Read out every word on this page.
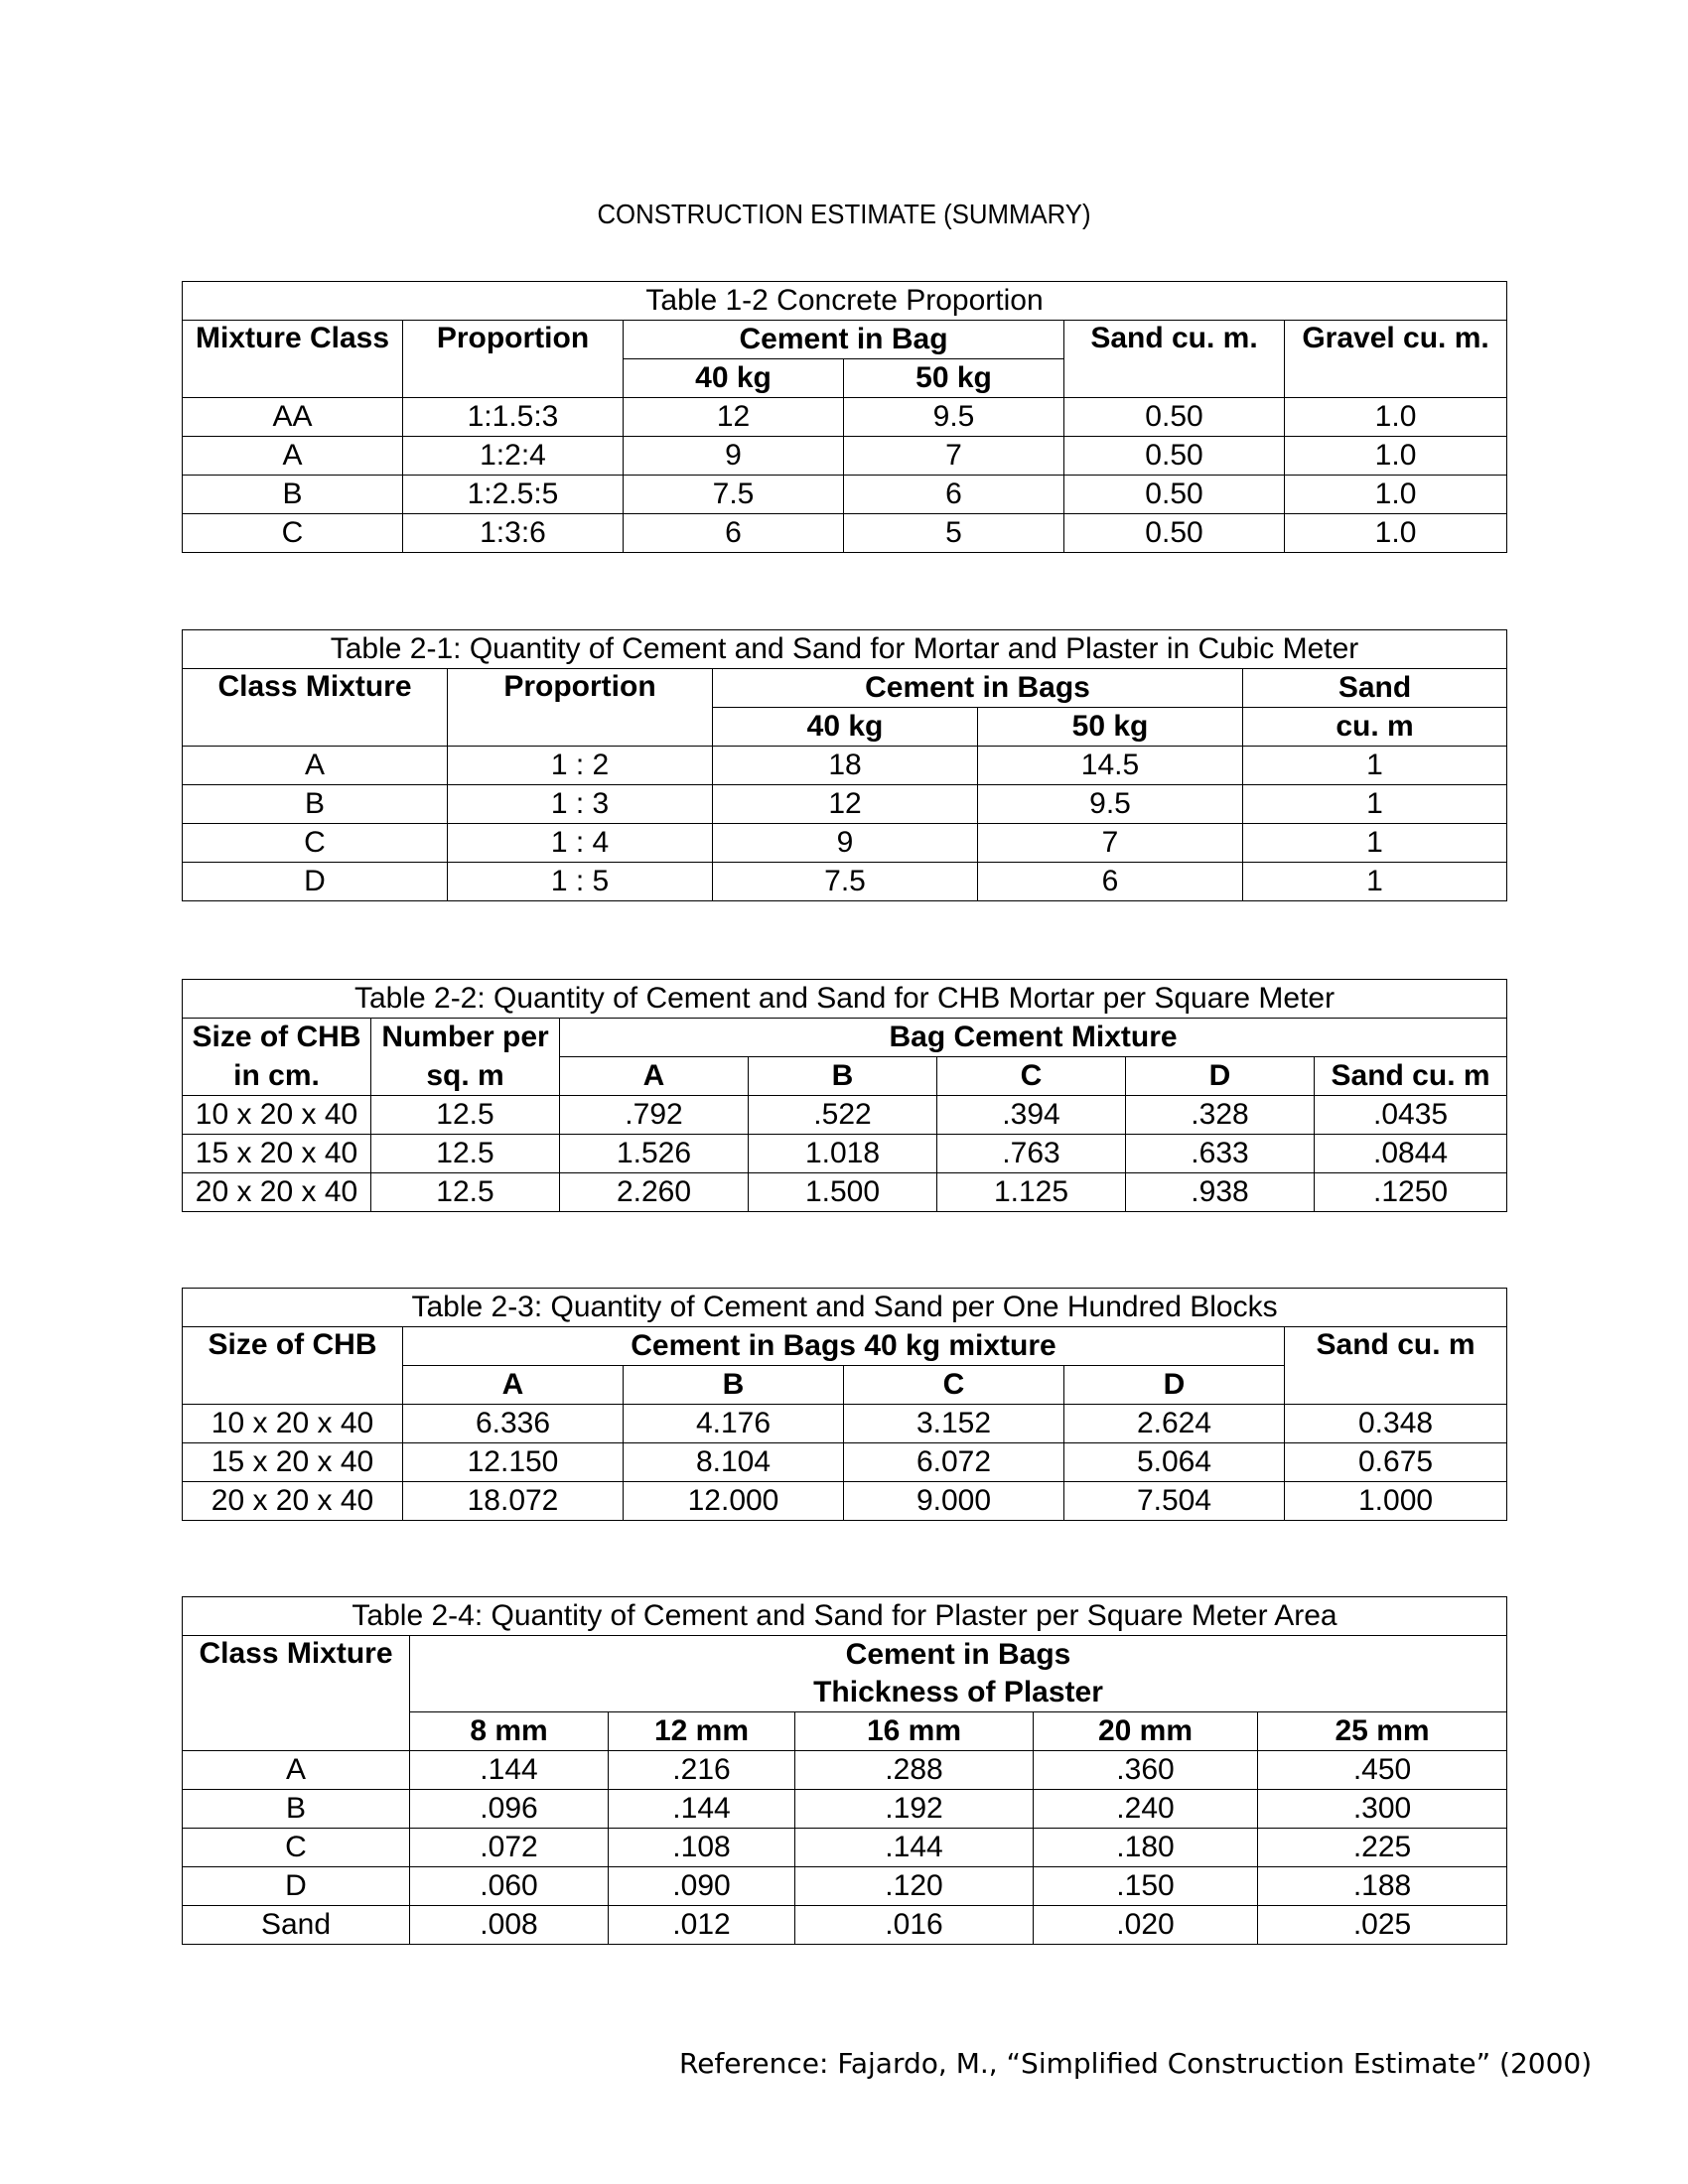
CONSTRUCTION ESTIMATE (SUMMARY)
Table 1-2 Concrete Proportion					
Mixture Class	Proportion	Cement in Bag		Sand cu. m.	Gravel cu. m.
		40 kg	50 kg		
AA	1:1.5:3	12	9.5	0.50	1.0
A	1:2:4	9	7	0.50	1.0
B	1:2.5:5	7.5	6	0.50	1.0
C	1:3:6	6	5	0.50	1.0
Table 2-1: Quantity of Cement and Sand for Mortar and Plaster in Cubic Meter				
Class Mixture	Proportion	Cement in Bags		Sand
		40 kg	50 kg	cu. m
A	1 : 2	18	14.5	1
B	1 : 3	12	9.5	1
C	1 : 4	9	7	1
D	1 : 5	7.5	6	1
Table 2-2: Quantity of Cement and Sand for CHB Mortar per Square Meter						
Size of CHB	Number per	Bag Cement Mixture				
in cm.	sq. m	A	B	C	D	Sand cu. m
10 x 20 x 40	12.5	.792	.522	.394	.328	.0435
15 x 20 x 40	12.5	1.526	1.018	.763	.633	.0844
20 x 20 x 40	12.5	2.260	1.500	1.125	.938	.1250
Table 2-3: Quantity of Cement and Sand per One Hundred Blocks					
Size of CHB	Cement in Bags 40 kg mixture				Sand cu. m
	A	B	C	D	
10 x 20 x 40	6.336	4.176	3.152	2.624	0.348
15 x 20 x 40	12.150	8.104	6.072	5.064	0.675
20 x 20 x 40	18.072	12.000	9.000	7.504	1.000
Table 2-4: Quantity of Cement and Sand for Plaster per Square Meter Area					
Class Mixture	Cement in Bags				
	Thickness of Plaster				
	8 mm	12 mm	16 mm	20 mm	25 mm
A	.144	.216	.288	.360	.450
B	.096	.144	.192	.240	.300
C	.072	.108	.144	.180	.225
D	.060	.090	.120	.150	.188
Sand	.008	.012	.016	.020	.025
Reference: Fajardo, M., “Simplified Construction Estimate” (2000)
